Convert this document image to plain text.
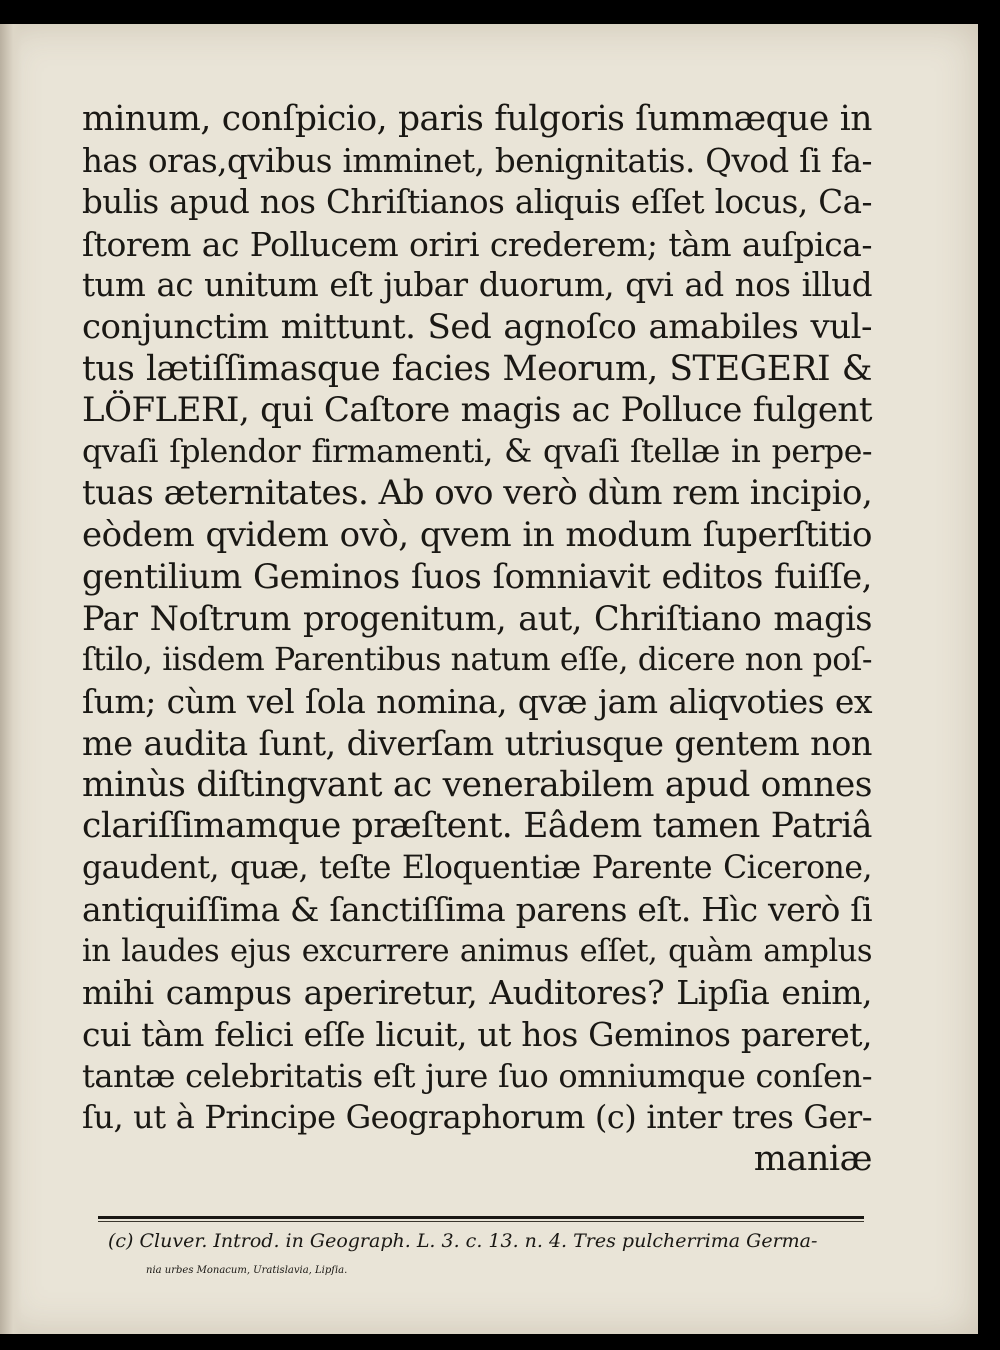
minum, conſpicio, paris fulgoris ſummæque in
has oras,qvibus imminet, benignitatis. Qvod ſi fa-
bulis apud nos Chriſtianos aliquis eſſet locus, Ca-
ſtorem ac Pollucem oriri crederem; tàm auſpica-
tum ac unitum eſt jubar duorum, qvi ad nos illud
conjunctim mittunt. Sed agnoſco amabiles vul-
tus lætiſſimasque facies Meorum, STEGERI &
LÖFLERI, qui Caſtore magis ac Polluce fulgent
qvaſi ſplendor firmamenti, & qvaſi ſtellæ in perpe-
tuas æternitates. Ab ovo verò dùm rem incipio,
eòdem qvidem ovò, qvem in modum ſuperſtitio
gentilium Geminos ſuos ſomniavit editos fuiſſe,
Par Noſtrum progenitum, aut, Chriſtiano magis
ſtilo, iisdem Parentibus natum eſſe, dicere non poſ-
ſum; cùm vel ſola nomina, qvæ jam aliqvoties ex
me audita ſunt, diverſam utriusque gentem non
minùs diſtingvant ac venerabilem apud omnes
clariſſimamque præſtent. Eâdem tamen Patriâ
gaudent, quæ, teſte Eloquentiæ Parente Cicerone,
antiquiſſima & ſanctiſſima parens eſt. Hìc verò ſi
in laudes ejus excurrere animus eſſet, quàm amplus
mihi campus aperiretur, Auditores? Lipſia enim,
cui tàm felici eſſe licuit, ut hos Geminos pareret,
tantæ celebritatis eſt jure ſuo omniumque conſen-
ſu, ut à Principe Geographorum (c) inter tres Ger-
maniæ
(c) Cluver. Introd. in Geograph. L. 3. c. 13. n. 4. Tres pulcherrima Germa-
nia urbes Monacum, Uratislavia, Lipſia.
